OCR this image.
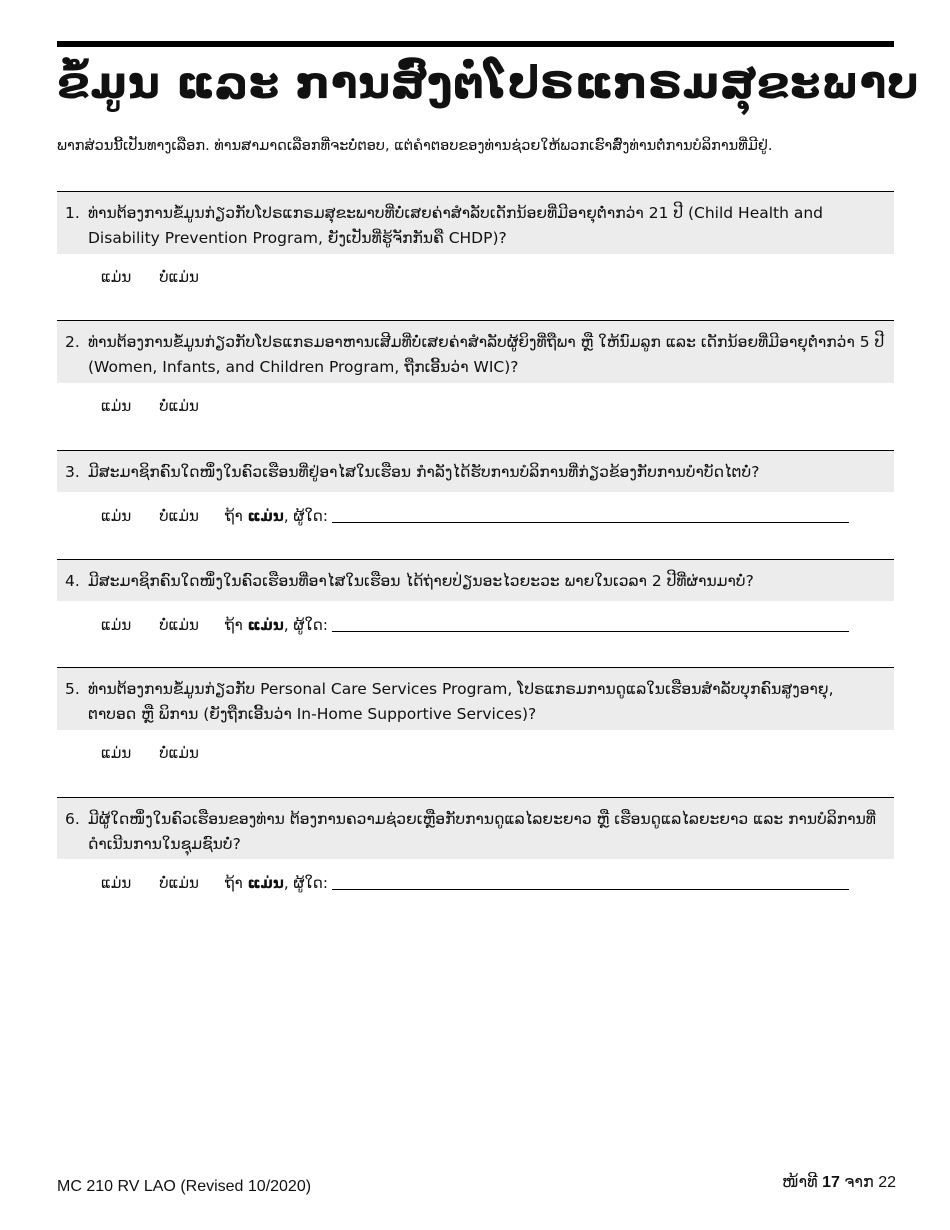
ຂໍ້ມູນ ແລະ ການສົ່ງຕໍ່ໂປຣແກຣມສຸຂະພາບ
ພາກສ່ວນນີ້ເປັນທາງເລືອກ. ທ່ານສາມາດເລືອກທີ່ຈະບໍ່ຕອບ, ແຕ່ຄໍາຕອບຂອງທ່ານຊ່ວຍໃຫ້ພວກເຮົາສົ່ງທ່ານຕໍ່ການບໍລິການທີ່ມີຢູ່.
1. ທ່ານຕ້ອງການຂໍ້ມູນກ່ຽວກັບໂປຣແກຣມສຸຂະພາບທີ່ບໍ່ເສຍຄ່າສໍາລັບເດັກນ້ອຍທີ່ມີອາຍຸຕໍ່າກວ່າ 21 ປີ (Child Health and Disability Prevention Program, ຍັງເປັນທີ່ຮູ້ຈັກກັນຄື CHDP)?
ແມ່ນ ບໍ່ແມ່ນ
2. ທ່ານຕ້ອງການຂໍ້ມູນກ່ຽວກັບໂປຣແກຣມອາຫານເສີມທີ່ບໍ່ເສຍຄ່າສໍາລັບຜູ້ຍິງທີ່ຖືພາ ຫຼື ໃຫ້ນົມລູກ ແລະ ເດັກນ້ອຍທີ່ມີອາຍຸຕໍ່າກວ່າ 5 ປີ (Women, Infants, and Children Program, ຖືກເອີ້ນວ່າ WIC)?
ແມ່ນ ບໍ່ແມ່ນ
3. ມີສະມາຊິກຄົນໃດໜຶ່ງໃນຄົວເຮືອນທີ່ຢູ່ອາໄສໃນເຮືອນ ກໍາລັງໄດ້ຮັບການບໍລິການທີ່ກ່ຽວຂ້ອງກັບການບໍາບັດໄຕບໍ່?
ແມ່ນ ບໍ່ແມ່ນ ຖ້າ ແມ່ນ, ຜູ້ໃດ:
4. ມີສະມາຊິກຄົນໃດໜຶ່ງໃນຄົວເຮືອນທີ່ອາໄສໃນເຮືອນ ໄດ້ຖ່າຍປ່ຽນອະໄວຍະວະ ພາຍໃນເວລາ 2 ປີທີ່ຜ່ານມາບໍ່?
ແມ່ນ ບໍ່ແມ່ນ ຖ້າ ແມ່ນ, ຜູ້ໃດ:
5. ທ່ານຕ້ອງການຂໍ້ມູນກ່ຽວກັບ Personal Care Services Program, ໂປຣແກຣມການດູແລໃນເຮືອນສໍາລັບບຸກຄົນສູງອາຍຸ, ຕາບອດ ຫຼື ພິການ (ຍັງຖືກເອີ້ນວ່າ In-Home Supportive Services)?
ແມ່ນ ບໍ່ແມ່ນ
6. ມີຜູ້ໃດໜຶ່ງໃນຄົວເຮືອນຂອງທ່ານ ຕ້ອງການຄວາມຊ່ວຍເຫຼືອກັບການດູແລໄລຍະຍາວ ຫຼື ເຮືອນດູແລໄລຍະຍາວ ແລະ ການບໍລິການທີ່ດໍາເນີນການໃນຊຸມຊົນບໍ່?
ແມ່ນ ບໍ່ແມ່ນ ຖ້າ ແມ່ນ, ຜູ້ໃດ:
MC 210 RV LAO (Revised 10/2020)	ໜ້າທີ 17 ຈາກ 22
